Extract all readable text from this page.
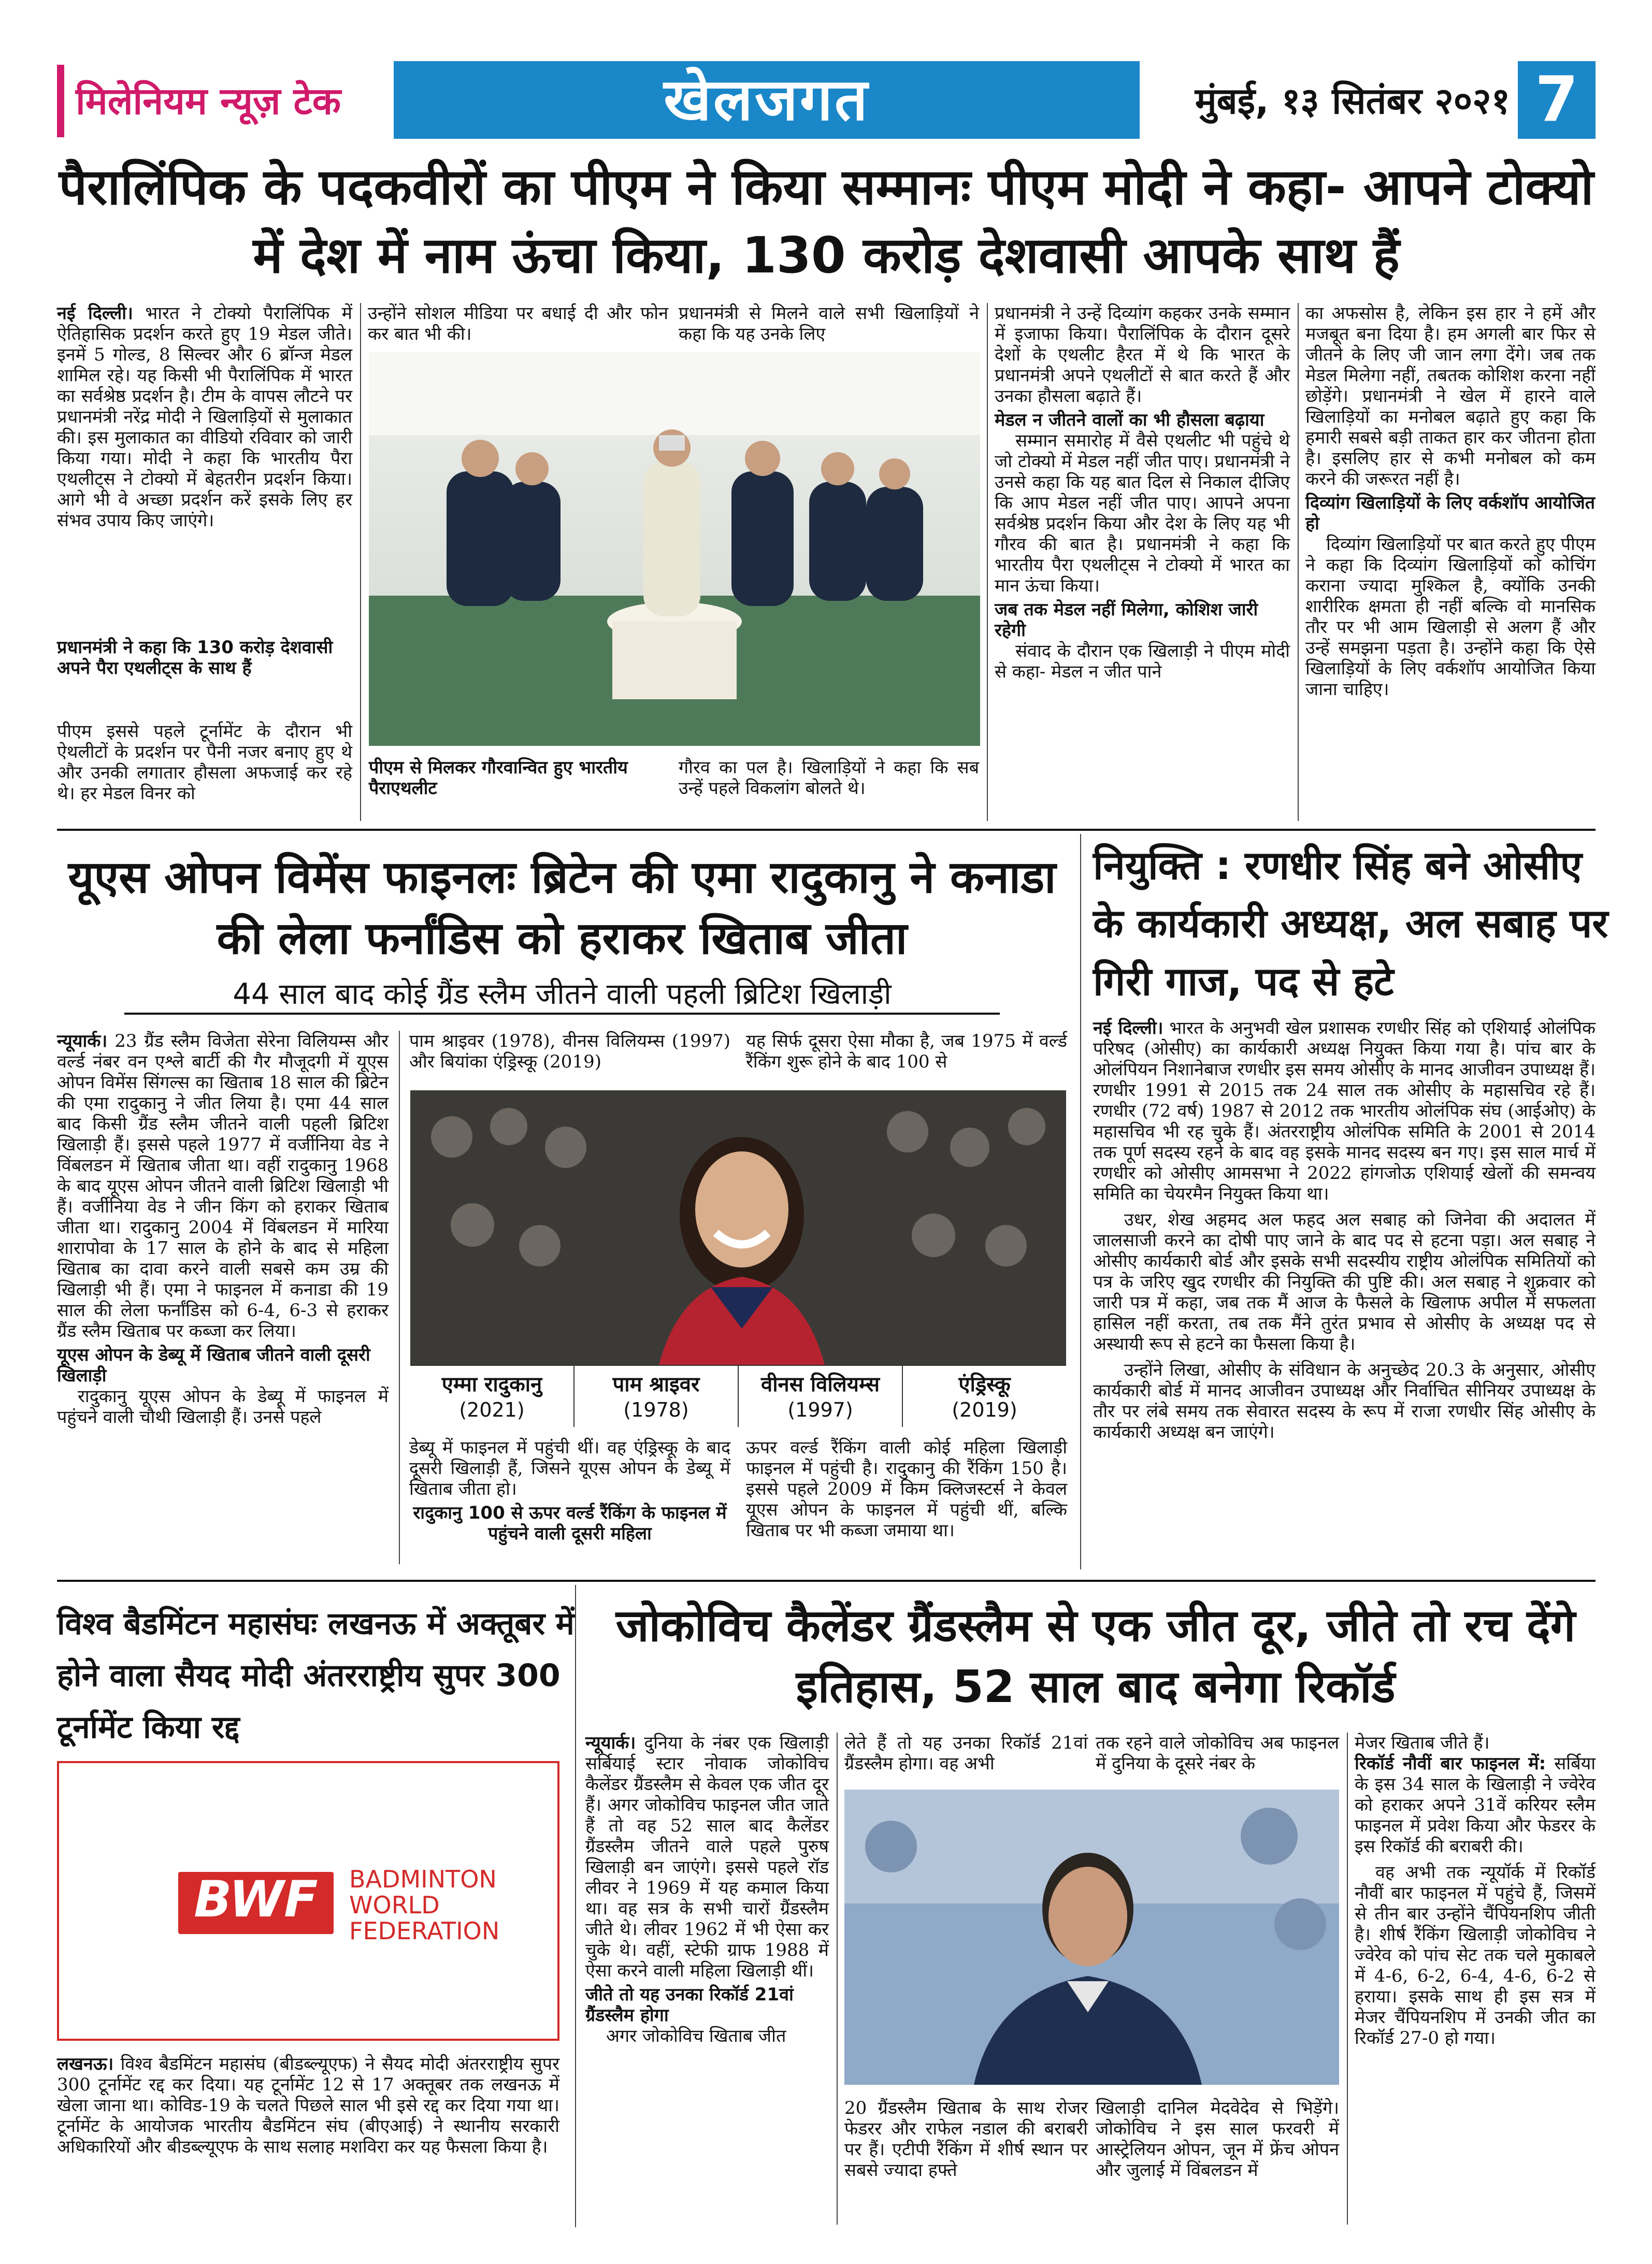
मिलेनियम न्यूज़ टेक	खेलजगत	मुंबई, १३ सितंबर २०२१ 7
पैरालिंपिक के पदकवीरों का पीएम ने किया सम्मानः पीएम मोदी ने कहा- आपने टोक्यो में देश में नाम ऊंचा किया, 130 करोड़ देशवासी आपके साथ हैं
नई दिल्ली। भारत ने टोक्यो पैरालिंपिक में ऐतिहासिक प्रदर्शन करते हुए 19 मेडल जीते। इनमें 5 गोल्ड, 8 सिल्वर और 6 ब्रॉन्ज मेडल शामिल रहे। यह किसी भी पैरालिंपिक में भारत का सर्वश्रेष्ठ प्रदर्शन है। टीम के वापस लौटने पर प्रधानमंत्री नरेंद्र मोदी ने खिलाड़ियों से मुलाकात की। इस मुलाकात का वीडियो रविवार को जारी किया गया। मोदी ने कहा कि भारतीय पैरा एथलीट्स ने टोक्यो में बेहतरीन प्रदर्शन किया। आगे भी वे अच्छा प्रदर्शन करें इसके लिए हर संभव उपाय किए जाएंगे।
प्रधानमंत्री ने कहा कि 130 करोड़ देशवासी अपने पैरा एथलीट्स के साथ हैं
पीएम इससे पहले टूर्नामेंट के दौरान भी ऐथलीटों के प्रदर्शन पर पैनी नजर बनाए हुए थे और उनकी लगातार हौसला अफजाई कर रहे थे। हर मेडल विनर को
उन्होंने सोशल मीडिया पर बधाई दी और फोन कर बात भी की।
प्रधानमंत्री से मिलने वाले सभी खिलाड़ियों ने कहा कि यह उनके लिए
पीएम से मिलकर गौरवान्वित हुए भारतीय पैराएथलीट
गौरव का पल है। खिलाड़ियों ने कहा कि सब उन्हें पहले विकलांग बोलते थे।
प्रधानमंत्री ने उन्हें दिव्यांग कहकर उनके सम्मान में इजाफा किया। पैरालिंपिक के दौरान दूसरे देशों के एथलीट हैरत में थे कि भारत के प्रधानमंत्री अपने एथलीटों से बात करते हैं और उनका हौसला बढ़ाते हैं।
मेडल न जीतने वालों का भी हौसला बढ़ाया
सम्मान समारोह में वैसे एथलीट भी पहुंचे थे जो टोक्यो में मेडल नहीं जीत पाए। प्रधानमंत्री ने उनसे कहा कि यह बात दिल से निकाल दीजिए कि आप मेडल नहीं जीत पाए। आपने अपना सर्वश्रेष्ठ प्रदर्शन किया और देश के लिए यह भी गौरव की बात है। प्रधानमंत्री ने कहा कि भारतीय पैरा एथलीट्स ने टोक्यो में भारत का मान ऊंचा किया।
जब तक मेडल नहीं मिलेगा, कोशिश जारी रहेगी
संवाद के दौरान एक खिलाड़ी ने पीएम मोदी से कहा- मेडल न जीत पाने
का अफसोस है, लेकिन इस हार ने हमें और मजबूत बना दिया है। हम अगली बार फिर से जीतने के लिए जी जान लगा देंगे। जब तक मेडल मिलेगा नहीं, तबतक कोशिश करना नहीं छोड़ेंगे। प्रधानमंत्री ने खेल में हारने वाले खिलाड़ियों का मनोबल बढ़ाते हुए कहा कि हमारी सबसे बड़ी ताकत हार कर जीतना होता है। इसलिए हार से कभी मनोबल को कम करने की जरूरत नहीं है।
दिव्यांग खिलाड़ियों के लिए वर्कशॉप आयोजित हो
दिव्यांग खिलाड़ियों पर बात करते हुए पीएम ने कहा कि दिव्यांग खिलाड़ियों को कोचिंग कराना ज्यादा मुश्किल है, क्योंकि उनकी शारीरिक क्षमता ही नहीं बल्कि वो मानसिक तौर पर भी आम खिलाड़ी से अलग हैं और उन्हें समझना पड़ता है। उन्होंने कहा कि ऐसे खिलाड़ियों के लिए वर्कशॉप आयोजित किया जाना चाहिए।
यूएस ओपन विमेंस फाइनलः ब्रिटेन की एमा रादुकानु ने कनाडा की लेला फर्नांडिस को हराकर खिताब जीता
44 साल बाद कोई ग्रैंड स्लैम जीतने वाली पहली ब्रिटिश खिलाड़ी
न्यूयार्क। 23 ग्रैंड स्लैम विजेता सेरेना विलियम्स और वर्ल्ड नंबर वन एश्ले बार्टी की गैर मौजूदगी में यूएस ओपन विमेंस सिंगल्स का खिताब 18 साल की ब्रिटेन की एमा रादुकानु ने जीत लिया है। एमा 44 साल बाद किसी ग्रैंड स्लैम जीतने वाली पहली ब्रिटिश खिलाड़ी हैं। इससे पहले 1977 में वर्जीनिया वेड ने विंबलडन में खिताब जीता था। वहीं रादुकानु 1968 के बाद यूएस ओपन जीतने वाली ब्रिटिश खिलाड़ी भी हैं। वर्जीनिया वेड ने जीन किंग को हराकर खिताब जीता था। रादुकानु 2004 में विंबलडन में मारिया शारापोवा के 17 साल के होने के बाद से महिला खिताब का दावा करने वाली सबसे कम उम्र की खिलाड़ी भी हैं। एमा ने फाइनल में कनाडा की 19 साल की लेला फर्नांडिस को 6-4, 6-3 से हराकर ग्रैंड स्लैम खिताब पर कब्जा कर लिया।
यूएस ओपन के डेब्यू में खिताब जीतने वाली दूसरी खिलाड़ी
रादुकानु यूएस ओपन के डेब्यू में फाइनल में पहुंचने वाली चौथी खिलाड़ी हैं। उनसे पहले
पाम श्राइवर (1978), वीनस विलियम्स (1997) और बियांका एंड्रिस्कू (2019)
यह सिर्फ दूसरा ऐसा मौका है, जब 1975 में वर्ल्ड रैंकिंग शुरू होने के बाद 100 से
एम्मा रादुकानु
(2021)
पाम श्राइवर
(1978)
वीनस विलियम्स
(1997)
एंड्रिस्कू
(2019)
डेब्यू में फाइनल में पहुंची थीं। वह एंड्रिस्कू के बाद दूसरी खिलाड़ी हैं, जिसने यूएस ओपन के डेब्यू में खिताब जीता हो।
रादुकानु 100 से ऊपर वर्ल्ड रैंकिंग के फाइनल में पहुंचने वाली दूसरी महिला
ऊपर वर्ल्ड रैंकिंग वाली कोई महिला खिलाड़ी फाइनल में पहुंची है। रादुकानु की रैंकिंग 150 है। इससे पहले 2009 में किम क्लिजस्टर्स ने केवल यूएस ओपन के फाइनल में पहुंची थीं, बल्कि खिताब पर भी कब्जा जमाया था।
नियुक्ति : रणधीर सिंह बने ओसीए के कार्यकारी अध्यक्ष, अल सबाह पर गिरी गाज, पद से हटे
नई दिल्ली। भारत के अनुभवी खेल प्रशासक रणधीर सिंह को एशियाई ओलंपिक परिषद (ओसीए) का कार्यकारी अध्यक्ष नियुक्त किया गया है। पांच बार के ओलंपियन निशानेबाज रणधीर इस समय ओसीए के मानद आजीवन उपाध्यक्ष हैं। रणधीर 1991 से 2015 तक 24 साल तक ओसीए के महासचिव रहे हैं। रणधीर (72 वर्ष) 1987 से 2012 तक भारतीय ओलंपिक संघ (आईओए) के महासचिव भी रह चुके हैं। अंतरराष्ट्रीय ओलंपिक समिति के 2001 से 2014 तक पूर्ण सदस्य रहने के बाद वह इसके मानद सदस्य बन गए। इस साल मार्च में रणधीर को ओसीए आमसभा ने 2022 हांगजोऊ एशियाई खेलों की समन्वय समिति का चेयरमैन नियुक्त किया था।
उधर, शेख अहमद अल फहद अल सबाह को जिनेवा की अदालत में जालसाजी करने का दोषी पाए जाने के बाद पद से हटना पड़ा। अल सबाह ने ओसीए कार्यकारी बोर्ड और इसके सभी सदस्यीय राष्ट्रीय ओलंपिक समितियों को पत्र के जरिए खुद रणधीर की नियुक्ति की पुष्टि की। अल सबाह ने शुक्रवार को जारी पत्र में कहा, जब तक मैं आज के फैसले के खिलाफ अपील में सफलता हासिल नहीं करता, तब तक मैंने तुरंत प्रभाव से ओसीए के अध्यक्ष पद से अस्थायी रूप से हटने का फैसला किया है।
उन्होंने लिखा, ओसीए के संविधान के अनुच्छेद 20.3 के अनुसार, ओसीए कार्यकारी बोर्ड में मानद आजीवन उपाध्यक्ष और निर्वाचित सीनियर उपाध्यक्ष के तौर पर लंबे समय तक सेवारत सदस्य के रूप में राजा रणधीर सिंह ओसीए के कार्यकारी अध्यक्ष बन जाएंगे।
विश्व बैडमिंटन महासंघः लखनऊ में अक्तूबर में होने वाला सैयद मोदी अंतरराष्ट्रीय सुपर 300 टूर्नामेंट किया रद्द
BWF BADMINTON
WORLD
FEDERATION
लखनऊ। विश्व बैडमिंटन महासंघ (बीडब्ल्यूएफ) ने सैयद मोदी अंतरराष्ट्रीय सुपर 300 टूर्नामेंट रद्द कर दिया। यह टूर्नामेंट 12 से 17 अक्तूबर तक लखनऊ में खेला जाना था। कोविड-19 के चलते पिछले साल भी इसे रद्द कर दिया गया था। टूर्नामेंट के आयोजक भारतीय बैडमिंटन संघ (बीएआई) ने स्थानीय सरकारी अधिकारियों और बीडब्ल्यूएफ के साथ सलाह मशविरा कर यह फैसला किया है।
जोकोविच कैलेंडर ग्रैंडस्लैम से एक जीत दूर, जीते तो रच देंगे इतिहास, 52 साल बाद बनेगा रिकॉर्ड
न्यूयार्क। दुनिया के नंबर एक खिलाड़ी सर्बियाई स्टार नोवाक जोकोविच कैलेंडर ग्रैंडस्लैम से केवल एक जीत दूर हैं। अगर जोकोविच फाइनल जीत जाते हैं तो वह 52 साल बाद कैलेंडर ग्रैंडस्लैम जीतने वाले पहले पुरुष खिलाड़ी बन जाएंगे। इससे पहले रॉड लीवर ने 1969 में यह कमाल किया था। वह सत्र के सभी चारों ग्रैंडस्लैम जीते थे। लीवर 1962 में भी ऐसा कर चुके थे। वहीं, स्टेफी ग्राफ 1988 में ऐसा करने वाली महिला खिलाड़ी थीं।
जीते तो यह उनका रिकॉर्ड 21वां ग्रैंडस्लैम होगा
अगर जोकोविच खिताब जीत
लेते हैं तो यह उनका रिकॉर्ड 21वां ग्रैंडस्लैम होगा। वह अभी
तक रहने वाले जोकोविच अब फाइनल में दुनिया के दूसरे नंबर के
20 ग्रैंडस्लैम खिताब के साथ रोजर फेडरर और राफेल नडाल की बराबरी पर हैं। एटीपी रैंकिंग में शीर्ष स्थान पर सबसे ज्यादा हफ्ते
खिलाड़ी दानिल मेदवेदेव से भिड़ेंगे। जोकोविच ने इस साल फरवरी में आस्ट्रेलियन ओपन, जून में फ्रेंच ओपन और जुलाई में विंबलडन में
मेजर खिताब जीते हैं।
रिकॉर्ड नौवीं बार फाइनल में: सर्बिया के इस 34 साल के खिलाड़ी ने ज्वेरेव को हराकर अपने 31वें करियर स्लैम फाइनल में प्रवेश किया और फेडरर के इस रिकॉर्ड की बराबरी की।
वह अभी तक न्यूयॉर्क में रिकॉर्ड नौवीं बार फाइनल में पहुंचे हैं, जिसमें से तीन बार उन्होंने चैंपियनशिप जीती है। शीर्ष रैंकिंग खिलाड़ी जोकोविच ने ज्वेरेव को पांच सेट तक चले मुकाबले में 4-6, 6-2, 6-4, 4-6, 6-2 से हराया। इसके साथ ही इस सत्र में मेजर चैंपियनशिप में उनकी जीत का रिकॉर्ड 27-0 हो गया।
